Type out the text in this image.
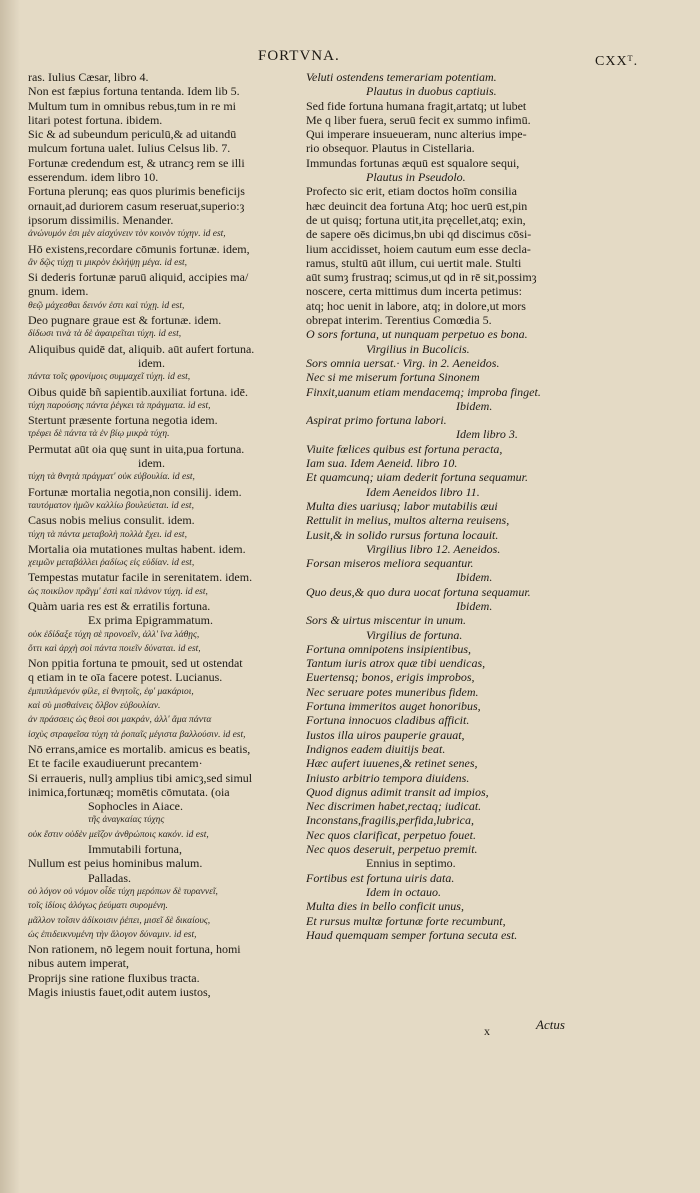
FORTVNA.	CXXᵀ.
ras. Iulius Cæsar, libro 4.
Non est fæpius fortuna tentanda. Idem lib 5.
Multum tum in omnibus rebus,tum in re mi
litari potest fortuna. ibidem.
Sic & ad subeundum periculū,& ad uitandū
mulcum fortuna ualet. Iulius Celsus lib. 7.
Fortunæ credendum est, & utrancȝ rem se illi
esserendum. idem libro 10.
Fortuna plerunq; eas quos plurimis beneficijs
ornauit,ad duriorem casum reseruat,superio:ȝ
ipsorum dissimilis. Menander.
ἀνώνυμόν ἐσι μὲν αἰσχύνειν τὸν κοινὸν τύχην. id est,
Hō existens,recordare cōmunis fortunæ. idem,
ἂν δῷς τύχῃ τι μικρὸν ἐκλήψῃ μέγα. id est,
Si dederis fortunæ paruū aliquid, accipies ma/
gnum. idem.
θεῷ μάχεσθαι δεινόν ἐστι καὶ τύχῃ. id est,
Deo pugnare graue est & fortunæ. idem.
δίδωσι τινὰ τὰ δὲ ἀφαιρεῖται τύχη. id est,
Aliquibus quidē dat, aliquib. aūt aufert fortuna.
idem.
πάντα τοῖς φρονίμοις συμμαχεῖ τύχη. id est,
Oibus quidē bñ sapientib.auxiliat fortuna. idē.
τύχη παρούσης πάντα ῥέγκει τὰ πράγματα. id est,
Stertunt præsente fortuna negotia idem.
τρέφει δὲ πάντα τὰ ἐν βίῳ μικρὰ τύχη.
Permutat aūt oia quę sunt in uita,pua fortuna.
idem.
τύχη τὰ θνητὰ πράγματ' οὐκ εὐβουλία. id est,
Fortunæ mortalia negotia,non consilij. idem.
ταυτόματον ἡμῶν καλλίω βουλεύεται. id est,
Casus nobis melius consulit. idem.
τύχη τὰ πάντα μεταβολὴ πολλὰ ἔχει. id est,
Mortalia oia mutationes multas habent. idem.
χειμῶν μεταβάλλει ῥαδίως εἰς εὐδίαν. id est,
Tempestas mutatur facile in serenitatem. idem.
ὡς ποικίλον πρᾶγμ' ἐστὶ καὶ πλάνον τύχη. id est,
Quàm uaria res est & erratilis fortuna.
Ex prima Epigrammatum.
οὐκ ἐδίδαξε τύχη σὲ προνοεῖν, ἀλλ' ἵνα λάθῃς,
ὅττι καὶ ἀρχὴ σοὶ πάντα ποιεῖν δύναται. id est,
Non ppitia fortuna te pmouit, sed ut ostendat
q etiam in te oīa facere potest. Lucianus.
ἐμπιπλάμενόν φίλε, εἰ θνητοῖς, ἐφ' μακάριοι,
καὶ σὺ μισθαίνεις ὄλβον εὐβουλίαν.
ἀν πράσσεις ὡς θεοὶ σοι μακράν, ἀλλ' ἅμα πάντα
ἰσχὺς στραφεῖσα τύχη τὰ ῥοπαῖς μέγιστα βαλλούσιν. id est,
Nō errans,amice es mortalib. amicus es beatis,
Et te facile exaudiuerunt precantem·
Si erraueris, nullȝ amplius tibi amicȝ,sed simul
inimica,fortunæq; momētis cōmutata. (oia
Sophocles in Aiace.
τῆς ἀναγκαίας τύχης
οὐκ ἔστιν οὐδὲν μεῖζον ἀνθρώποις κακόν. id est,
Immutabili fortuna,
Nullum est peius hominibus malum.
Palladas.
οὐ λόγον οὐ νόμον οἶδε τύχη μερόπων δὲ τυραννεῖ,
τοῖς ἰδίοις ἀλόγως ῥεύματι συρομένη.
μᾶλλον τοῖσιν ἀδίκοισιν ῥέπει, μισεῖ δὲ δικαίους,
ὡς ἐπιδεικνυμένη τὴν ἄλογον δύναμιν. id est,
Non rationem, nō legem nouit fortuna, homi
nibus autem imperat,
Proprijs sine ratione fluxibus tracta.
Magis iniustis fauet,odit autem iustos,
Veluti ostendens temerariam potentiam.
Plautus in duobus captiuis.
Sed fide fortuna humana fragit,artatq; ut lubet
Me q liber fuera, seruū fecit ex summo infimū.
Qui imperare insueueram, nunc alterius impe-
rio obsequor. Plautus in Cistellaria.
Immundas fortunas æquū est squalore sequi,
Plautus in Pseudolo.
Profecto sic erit, etiam doctos hoīm consilia
hæc deuincit dea fortuna Atq; hoc uerū est,pin
de ut quisq; fortuna utit,ita pręcellet,atq; exin,
de sapere oēs dicimus,bn ubi qd discimus cōsi-
lium accidisset, hoiem cautum eum esse decla-
ramus, stultū aūt illum, cui uertit male. Stulti
aūt sumȝ frustraq; scimus,ut qd in rē sit,possimȝ
noscere, certa mittimus dum incerta petimus:
atq; hoc uenit in labore, atq; in dolore,ut mors
obrepat interim. Terentius Comœdia 5.
O sors fortuna, ut nunquam perpetuo es bona.
Virgilius in Bucolicis.
Sors omnia uersat.· Virg. in 2. Aeneidos.
Nec si me miserum fortuna Sinonem
Finxit,uanum etiam mendacemq; improba finget.
Ibidem.
Aspirat primo fortuna labori.
Idem libro 3.
Viuite fœlices quibus est fortuna peracta,
Iam sua. Idem Aeneid. libro 10.
Et quamcunq; uiam dederit fortuna sequamur.
Idem Aeneidos libro 11.
Multa dies uariusq; labor mutabilis æui
Rettulit in melius, multos alterna reuisens,
Lusit,& in solido rursus fortuna locauit.
Virgilius libro 12. Aeneidos.
Forsan miseros meliora sequantur.
Ibidem.
Quo deus,& quo dura uocat fortuna sequamur.
Ibidem.
Sors & uirtus miscentur in unum.
Virgilius de fortuna.
Fortuna omnipotens insipientibus,
Tantum iuris atrox quæ tibi uendicas,
Euertensq; bonos, erigis improbos,
Nec seruare potes muneribus fidem.
Fortuna immeritos auget honoribus,
Fortuna innocuos cladibus afficit.
Iustos illa uiros pauperie grauat,
Indignos eadem diuitijs beat.
Hæc aufert iuuenes,& retinet senes,
Iniusto arbitrio tempora diuidens.
Quod dignus adimit transit ad impios,
Nec discrimen habet,rectaq; iudicat.
Inconstans,fragilis,perfida,lubrica,
Nec quos clarificat, perpetuo fouet.
Nec quos deseruit, perpetuo premit.
Ennius in septimo.
Fortibus est fortuna uiris data.
Idem in octauo.
Multa dies in bello conficit unus,
Et rursus multæ fortunæ forte recumbunt,
Haud quemquam semper fortuna secuta est.
x	Actus
